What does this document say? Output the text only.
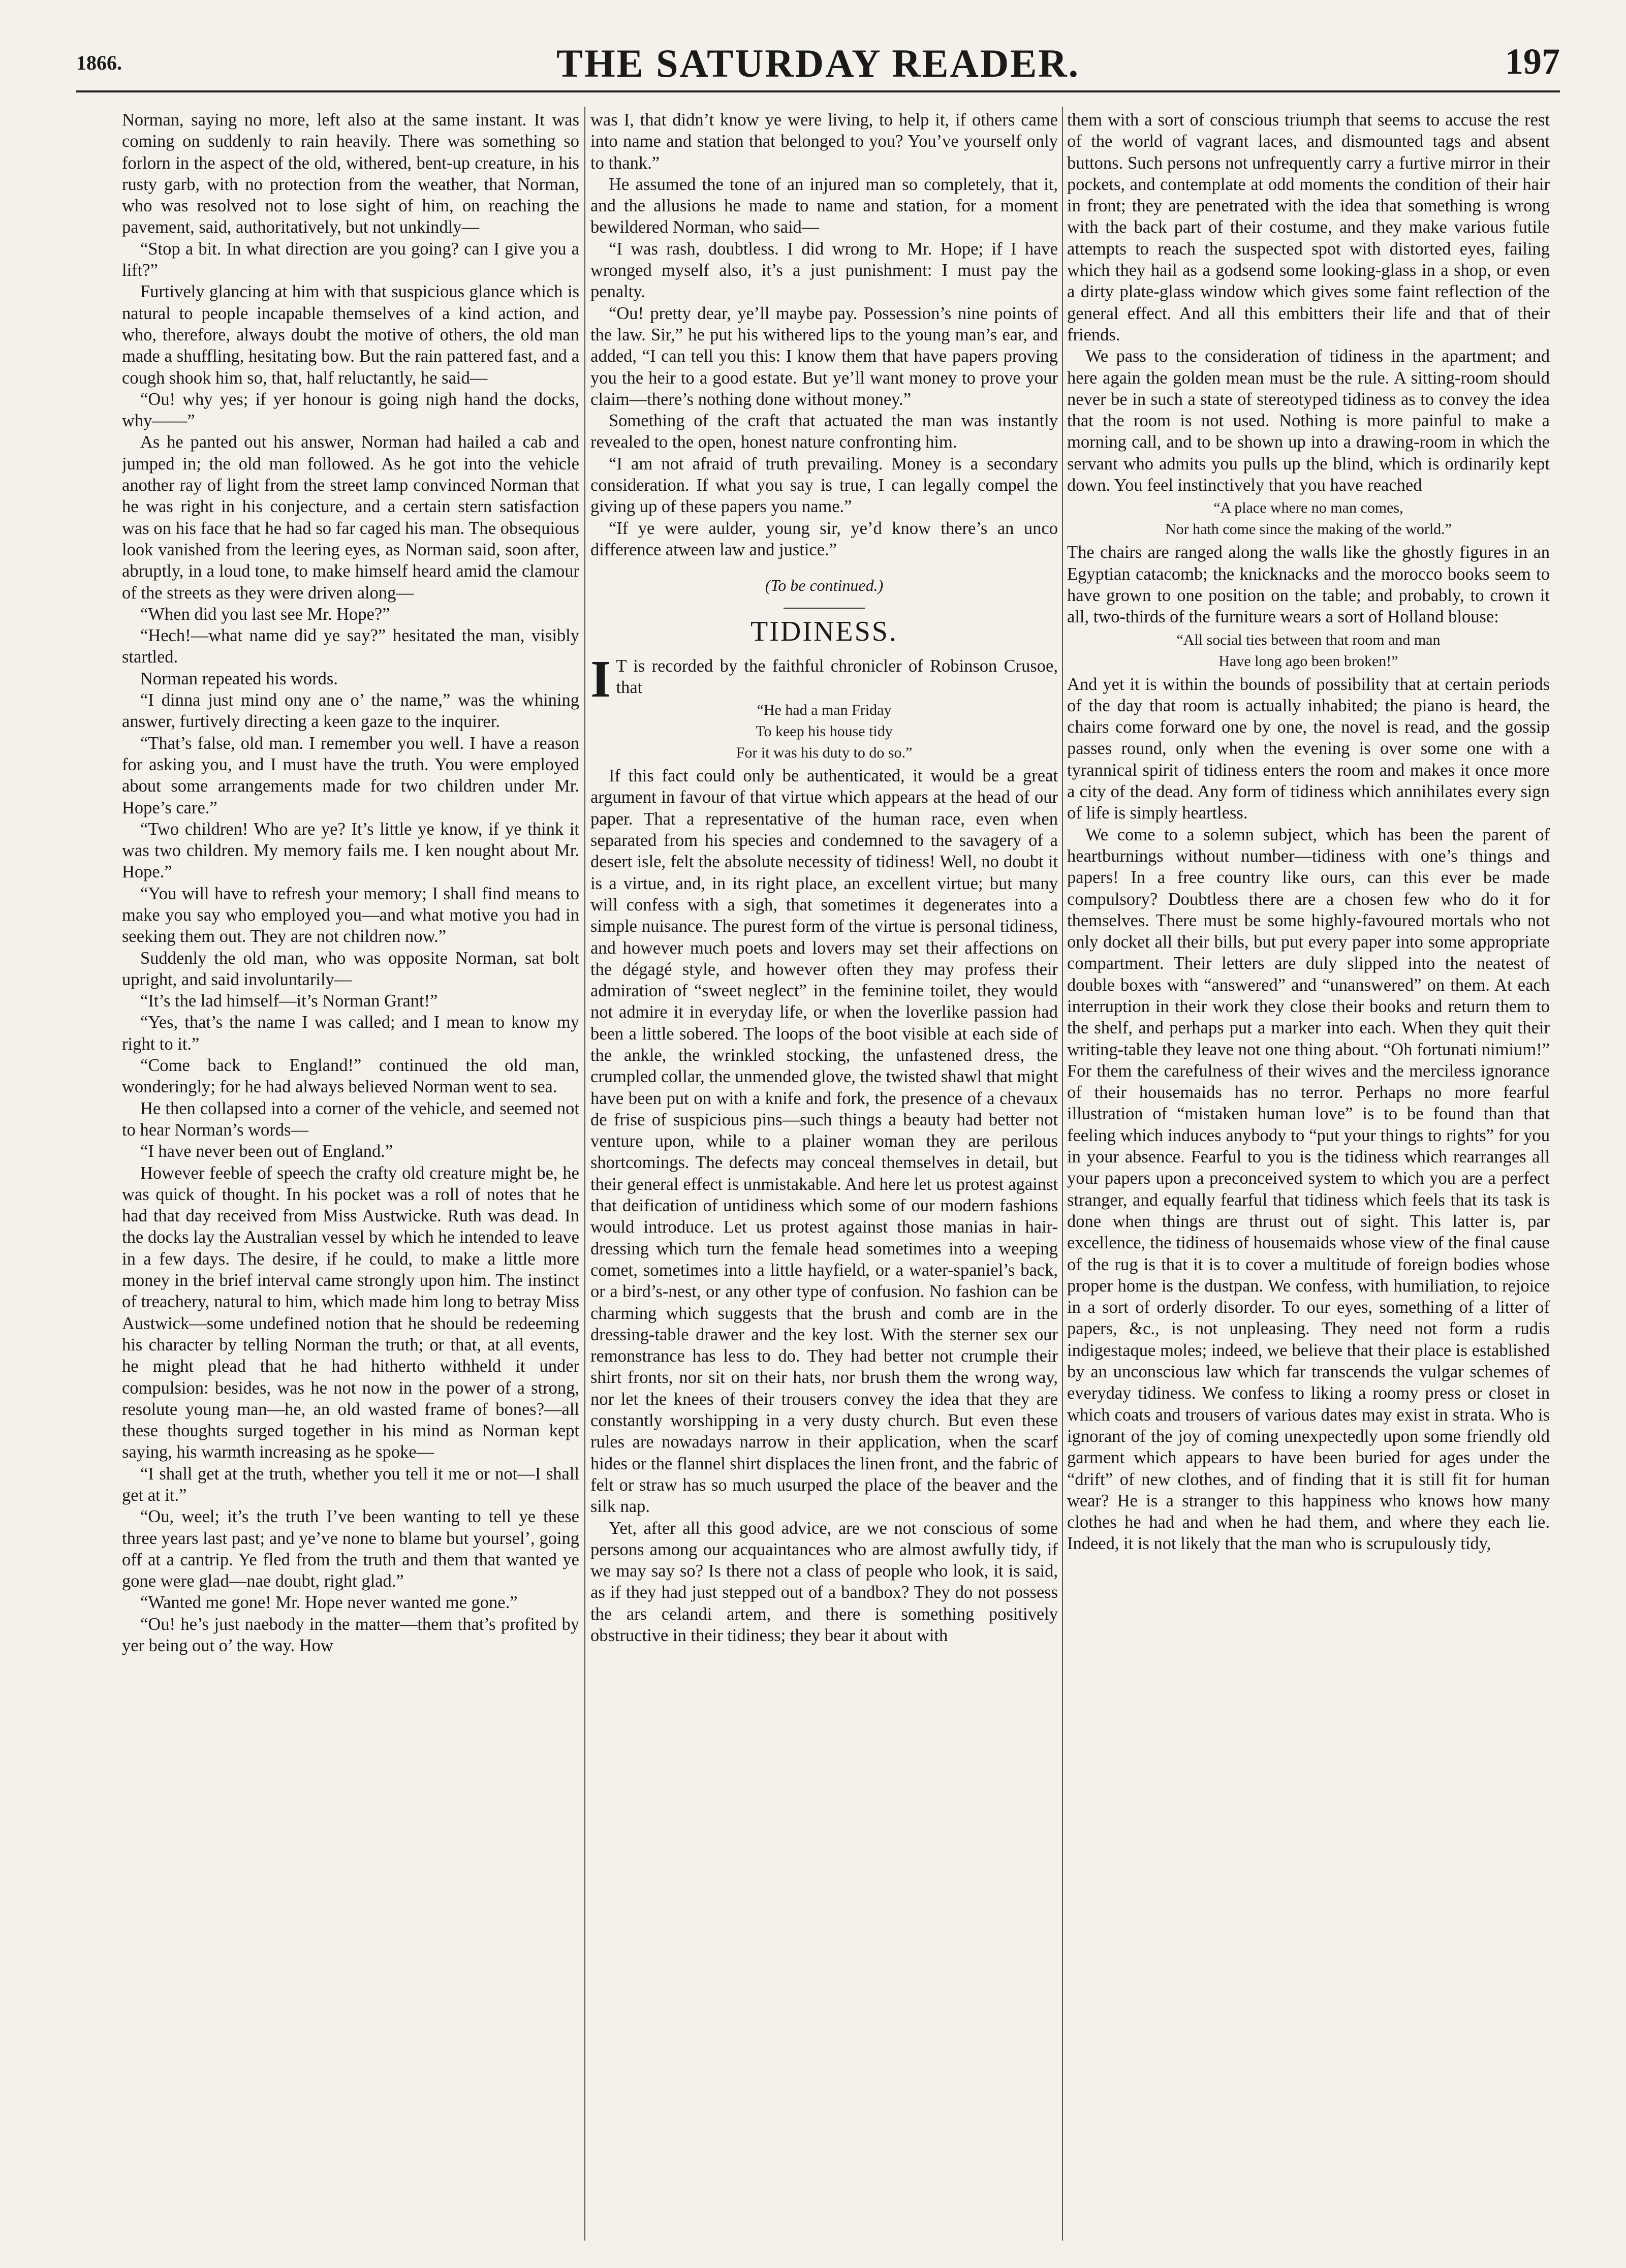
1866.	THE SATURDAY READER.	197

Norman, saying no more, left also at the same instant. It was coming on suddenly to rain heavily. There was something so forlorn in the aspect of the old, withered, bent-up creature, in his rusty garb, with no protection from the weather, that Norman, who was resolved not to lose sight of him, on reaching the pavement, said, authoritatively, but not unkindly—

“Stop a bit. In what direction are you going? can I give you a lift?”

Furtively glancing at him with that suspicious glance which is natural to people incapable themselves of a kind action, and who, therefore, always doubt the motive of others, the old man made a shuffling, hesitating bow. But the rain pattered fast, and a cough shook him so, that, half reluctantly, he said—

“Ou! why yes; if yer honour is going nigh hand the docks, why——”

As he panted out his answer, Norman had hailed a cab and jumped in; the old man followed. As he got into the vehicle another ray of light from the street lamp convinced Norman that he was right in his conjecture, and a certain stern satisfaction was on his face that he had so far caged his man. The obsequious look vanished from the leering eyes, as Norman said, soon after, abruptly, in a loud tone, to make himself heard amid the clamour of the streets as they were driven along—

“When did you last see Mr. Hope?”

“Hech!—what name did ye say?” hesitated the man, visibly startled.

Norman repeated his words.

“I dinna just mind ony ane o’ the name,” was the whining answer, furtively directing a keen gaze to the inquirer.

“That’s false, old man. I remember you well. I have a reason for asking you, and I must have the truth. You were employed about some arrangements made for two children under Mr. Hope’s care.”

“Two children! Who are ye? It’s little ye know, if ye think it was two children. My memory fails me. I ken nought about Mr. Hope.”

“You will have to refresh your memory; I shall find means to make you say who employed you—and what motive you had in seeking them out. They are not children now.”

Suddenly the old man, who was opposite Norman, sat bolt upright, and said involuntarily—

“It’s the lad himself—it’s Norman Grant!”

“Yes, that’s the name I was called; and I mean to know my right to it.”

“Come back to England!” continued the old man, wonderingly; for he had always believed Norman went to sea.

He then collapsed into a corner of the vehicle, and seemed not to hear Norman’s words—

“I have never been out of England.”

However feeble of speech the crafty old creature might be, he was quick of thought. In his pocket was a roll of notes that he had that day received from Miss Austwicke. Ruth was dead. In the docks lay the Australian vessel by which he intended to leave in a few days. The desire, if he could, to make a little more money in the brief interval came strongly upon him. The instinct of treachery, natural to him, which made him long to betray Miss Austwick—some undefined notion that he should be redeeming his character by telling Norman the truth; or that, at all events, he might plead that he had hitherto withheld it under compulsion: besides, was he not now in the power of a strong, resolute young man—he, an old wasted frame of bones?—all these thoughts surged together in his mind as Norman kept saying, his warmth increasing as he spoke—

“I shall get at the truth, whether you tell it me or not—I shall get at it.”

“Ou, weel; it’s the truth I’ve been wanting to tell ye these three years last past; and ye’ve none to blame but yoursel’, going off at a cantrip. Ye fled from the truth and them that wanted ye gone were glad—nae doubt, right glad.”

“Wanted me gone! Mr. Hope never wanted me gone.”

“Ou! he’s just naebody in the matter—them that’s profited by yer being out o’ the way. How

was I, that didn’t know ye were living, to help it, if others came into name and station that belonged to you? You’ve yourself only to thank.”

He assumed the tone of an injured man so completely, that it, and the allusions he made to name and station, for a moment bewildered Norman, who said—

“I was rash, doubtless. I did wrong to Mr. Hope; if I have wronged myself also, it’s a just punishment: I must pay the penalty.

“Ou! pretty dear, ye’ll maybe pay. Possession’s nine points of the law. Sir,” he put his withered lips to the young man’s ear, and added, “I can tell you this: I know them that have papers proving you the heir to a good estate. But ye’ll want money to prove your claim—there’s nothing done without money.”

Something of the craft that actuated the man was instantly revealed to the open, honest nature confronting him.

“I am not afraid of truth prevailing. Money is a secondary consideration. If what you say is true, I can legally compel the giving up of these papers you name.”

“If ye were aulder, young sir, ye’d know there’s an unco difference atween law and justice.”

(To be continued.)

TIDINESS.

I T is recorded by the faithful chronicler of Robinson Crusoe, that

“He had a man Friday

To keep his house tidy

For it was his duty to do so.”

If this fact could only be authenticated, it would be a great argument in favour of that virtue which appears at the head of our paper. That a representative of the human race, even when separated from his species and condemned to the savagery of a desert isle, felt the absolute necessity of tidiness! Well, no doubt it is a virtue, and, in its right place, an excellent virtue; but many will confess with a sigh, that sometimes it degenerates into a simple nuisance. The purest form of the virtue is personal tidiness, and however much poets and lovers may set their affections on the dégagé style, and however often they may profess their admiration of “sweet neglect” in the feminine toilet, they would not admire it in everyday life, or when the loverlike passion had been a little sobered. The loops of the boot visible at each side of the ankle, the wrinkled stocking, the unfastened dress, the crumpled collar, the unmended glove, the twisted shawl that might have been put on with a knife and fork, the presence of a chevaux de frise of suspicious pins—such things a beauty had better not venture upon, while to a plainer woman they are perilous shortcomings. The defects may conceal themselves in detail, but their general effect is unmistakable. And here let us protest against that deification of untidiness which some of our modern fashions would introduce. Let us protest against those manias in hair-dressing which turn the female head sometimes into a weeping comet, sometimes into a little hayfield, or a water-spaniel’s back, or a bird’s-nest, or any other type of confusion. No fashion can be charming which suggests that the brush and comb are in the dressing-table drawer and the key lost. With the sterner sex our remonstrance has less to do. They had better not crumple their shirt fronts, nor sit on their hats, nor brush them the wrong way, nor let the knees of their trousers convey the idea that they are constantly worshipping in a very dusty church. But even these rules are nowadays narrow in their application, when the scarf hides or the flannel shirt displaces the linen front, and the fabric of felt or straw has so much usurped the place of the beaver and the silk nap.

Yet, after all this good advice, are we not conscious of some persons among our acquaintances who are almost awfully tidy, if we may say so? Is there not a class of people who look, it is said, as if they had just stepped out of a bandbox? They do not possess the ars celandi artem, and there is something positively obstructive in their tidiness; they bear it about with

them with a sort of conscious triumph that seems to accuse the rest of the world of vagrant laces, and dismounted tags and absent buttons. Such persons not unfrequently carry a furtive mirror in their pockets, and contemplate at odd moments the condition of their hair in front; they are penetrated with the idea that something is wrong with the back part of their costume, and they make various futile attempts to reach the suspected spot with distorted eyes, failing which they hail as a godsend some looking-glass in a shop, or even a dirty plate-glass window which gives some faint reflection of the general effect. And all this embitters their life and that of their friends.

We pass to the consideration of tidiness in the apartment; and here again the golden mean must be the rule. A sitting-room should never be in such a state of stereotyped tidiness as to convey the idea that the room is not used. Nothing is more painful to make a morning call, and to be shown up into a drawing-room in which the servant who admits you pulls up the blind, which is ordinarily kept down. You feel instinctively that you have reached

“A place where no man comes,

Nor hath come since the making of the world.”

The chairs are ranged along the walls like the ghostly figures in an Egyptian catacomb; the knicknacks and the morocco books seem to have grown to one position on the table; and probably, to crown it all, two-thirds of the furniture wears a sort of Holland blouse:

“All social ties between that room and man

Have long ago been broken!”

And yet it is within the bounds of possibility that at certain periods of the day that room is actually inhabited; the piano is heard, the chairs come forward one by one, the novel is read, and the gossip passes round, only when the evening is over some one with a tyrannical spirit of tidiness enters the room and makes it once more a city of the dead. Any form of tidiness which annihilates every sign of life is simply heartless.

We come to a solemn subject, which has been the parent of heartburnings without number—tidiness with one’s things and papers! In a free country like ours, can this ever be made compulsory? Doubtless there are a chosen few who do it for themselves. There must be some highly-favoured mortals who not only docket all their bills, but put every paper into some appropriate compartment. Their letters are duly slipped into the neatest of double boxes with “answered” and “unanswered” on them. At each interruption in their work they close their books and return them to the shelf, and perhaps put a marker into each. When they quit their writing-table they leave not one thing about. “Oh fortunati nimium!” For them the carefulness of their wives and the merciless ignorance of their housemaids has no terror. Perhaps no more fearful illustration of “mistaken human love” is to be found than that feeling which induces anybody to “put your things to rights” for you in your absence. Fearful to you is the tidiness which rearranges all your papers upon a preconceived system to which you are a perfect stranger, and equally fearful that tidiness which feels that its task is done when things are thrust out of sight. This latter is, par excellence, the tidiness of housemaids whose view of the final cause of the rug is that it is to cover a multitude of foreign bodies whose proper home is the dustpan. We confess, with humiliation, to rejoice in a sort of orderly disorder. To our eyes, something of a litter of papers, &c., is not unpleasing. They need not form a rudis indigestaque moles; indeed, we believe that their place is established by an unconscious law which far transcends the vulgar schemes of everyday tidiness. We confess to liking a roomy press or closet in which coats and trousers of various dates may exist in strata. Who is ignorant of the joy of coming unexpectedly upon some friendly old garment which appears to have been buried for ages under the “drift” of new clothes, and of finding that it is still fit for human wear? He is a stranger to this happiness who knows how many clothes he had and when he had them, and where they each lie. Indeed, it is not likely that the man who is scrupulously tidy,
